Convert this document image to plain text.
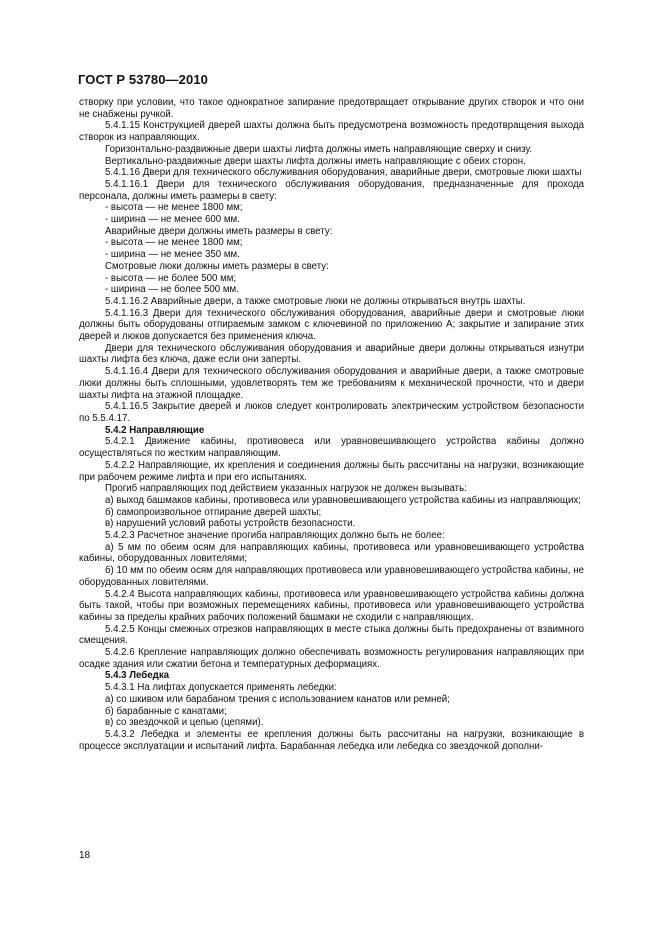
ГОСТ Р 53780—2010

створку при условии, что такое однократное запирание предотвращает открывание других створок и что они не снабжены ручкой.

5.4.1.15 Конструкцией дверей шахты должна быть предусмотрена возможность предотвращения выхода створок из направляющих.

Горизонтально-раздвижные двери шахты лифта должны иметь направляющие сверху и снизу.

Вертикально-раздвижные двери шахты лифта должны иметь направляющие с обеих сторон.

5.4.1.16 Двери для технического обслуживания оборудования, аварийные двери, смотровые люки шахты

5.4.1.16.1 Двери для технического обслуживания оборудования, предназначенные для прохода персонала, должны иметь размеры в свету:

- высота — не менее 1800 мм;

- ширина — не менее 600 мм.

Аварийные двери должны иметь размеры в свету:

- высота — не менее 1800 мм;

- ширина — не менее 350 мм.

Смотровые люки должны иметь размеры в свету:

- высота — не более 500 мм;

- ширина — не более 500 мм.

5.4.1.16.2 Аварийные двери, а также смотровые люки не должны открываться внутрь шахты.

5.4.1.16.3 Двери для технического обслуживания оборудования, аварийные двери и смотровые люки должны быть оборудованы отпираемым замком с ключевиной по приложению А; закрытие и запирание этих дверей и люков допускается без применения ключа.

Двери для технического обслуживания оборудования и аварийные двери должны открываться изнутри шахты лифта без ключа, даже если они заперты.

5.4.1.16.4 Двери для технического обслуживания оборудования и аварийные двери, а также смотровые люки должны быть сплошными, удовлетворять тем же требованиям к механической прочности, что и двери шахты лифта на этажной площадке.

5.4.1.16.5 Закрытие дверей и люков следует контролировать электрическим устройством безопасности по 5.5.4.17.

5.4.2 Направляющие

5.4.2.1 Движение кабины, противовеса или уравновешивающего устройства кабины должно осуществляться по жестким направляющим.

5.4.2.2 Направляющие, их крепления и соединения должны быть рассчитаны на нагрузки, возникающие при рабочем режиме лифта и при его испытаниях.

Прогиб направляющих под действием указанных нагрузок не должен вызывать:

а) выход башмаков кабины, противовеса или уравновешивающего устройства кабины из направляющих;

б) самопроизвольное отпирание дверей шахты;

в) нарушений условий работы устройств безопасности.

5.4.2.3 Расчетное значение прогиба направляющих должно быть не более:

а) 5 мм по обеим осям для направляющих кабины, противовеса или уравновешивающего устройства кабины, оборудованных ловителями;

б) 10 мм по обеим осям для направляющих противовеса или уравновешивающего устройства кабины, не оборудованных ловителями.

5.4.2.4 Высота направляющих кабины, противовеса или уравновешивающего устройства кабины должна быть такой, чтобы при возможных перемещениях кабины, противовеса или уравновешивающего устройства кабины за пределы крайних рабочих положений башмаки не сходили с направляющих.

5.4.2.5 Концы смежных отрезков направляющих в месте стыка должны быть предохранены от взаимного смещения.

5.4.2.6 Крепление направляющих должно обеспечивать возможность регулирования направляющих при осадке здания или сжатии бетона и температурных деформациях.

5.4.3 Лебедка

5.4.3.1 На лифтах допускается применять лебедки:

а) со шкивом или барабаном трения с использованием канатов или ремней;

б) барабанные с канатами;

в) со звездочкой и цепью (цепями).

5.4.3.2 Лебедка и элементы ее крепления должны быть рассчитаны на нагрузки, возникающие в процессе эксплуатации и испытаний лифта. Барабанная лебедка или лебедка со звездочкой дополни-

18
